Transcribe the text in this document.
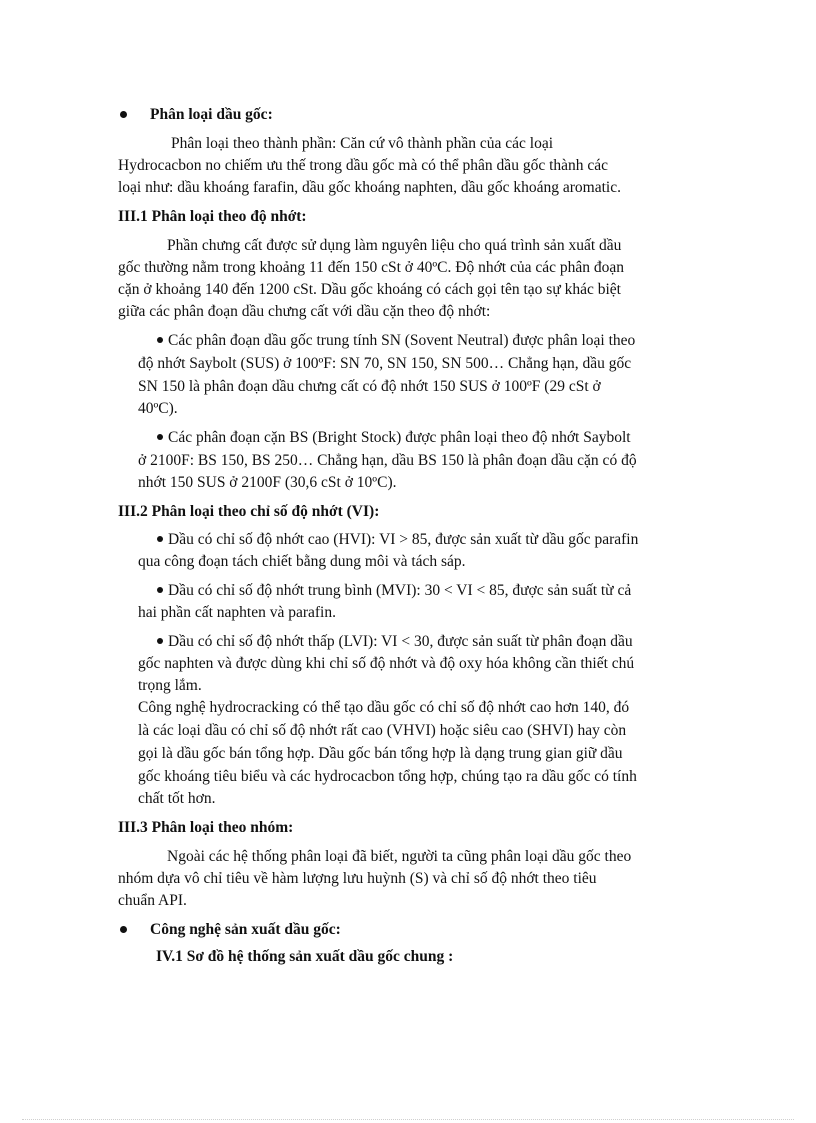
Phân loại dầu gốc:
Phân loại theo thành phần: Căn cứ vô thành phần của các loại
Hydrocacbon no chiếm ưu thế trong dầu gốc mà có thể phân dầu gốc thành các
loại như: dầu khoáng farafin, dầu gốc khoáng naphten, dầu gốc khoáng aromatic.
III.1 Phân loại theo độ nhớt:
Phần chưng cất được sử dụng làm nguyên liệu cho quá trình sản xuất dầu
gốc thường nằm trong khoảng 11 đến 150 cSt ở 40ºC. Độ nhớt của các phân đoạn
cặn ở khoảng 140 đến 1200 cSt. Dầu gốc khoáng có cách gọi tên tạo sự khác biệt
giữa các phân đoạn dầu chưng cất với dầu cặn theo độ nhớt:
Các phân đoạn dầu gốc trung tính SN (Sovent Neutral) được phân loại theo
độ nhớt Saybolt (SUS) ở 100ºF: SN 70, SN 150, SN 500… Chẳng hạn, dầu gốc
SN 150 là phân đoạn dầu chưng cất có độ nhớt 150 SUS ở 100ºF (29 cSt ở
40ºC).
Các phân đoạn cặn BS (Bright Stock) được phân loại theo độ nhớt Saybolt
ở 2100F: BS 150, BS 250… Chẳng hạn, dầu BS 150 là phân đoạn dầu cặn có độ
nhớt 150 SUS ở 2100F (30,6 cSt ở 10ºC).
III.2 Phân loại theo chỉ số độ nhớt (VI):
Dầu có chỉ số độ nhớt cao (HVI): VI > 85, được sản xuất từ dầu gốc parafin
qua công đoạn tách chiết bằng dung môi và tách sáp.
Dầu có chỉ số độ nhớt trung bình (MVI): 30 < VI < 85, được sản suất từ cả
hai phần cất naphten và parafin.
Dầu có chỉ số độ nhớt thấp (LVI): VI < 30, được sản suất từ phân đoạn dầu
gốc naphten và được dùng khi chỉ số độ nhớt và độ oxy hóa không cần thiết chú
trọng lắm.
Công nghệ hydrocracking có thể tạo dầu gốc có chỉ số độ nhớt cao hơn 140, đó
là các loại dầu có chỉ số độ nhớt rất cao (VHVI) hoặc siêu cao (SHVI) hay còn
gọi là dầu gốc bán tổng hợp. Dầu gốc bán tổng hợp là dạng trung gian giữ dầu
gốc khoáng tiêu biểu và các hydrocacbon tổng hợp, chúng tạo ra dầu gốc có tính
chất tốt hơn.
III.3 Phân loại theo nhóm:
Ngoài các hệ thống phân loại đã biết, người ta cũng phân loại dầu gốc theo
nhóm dựa vô chỉ tiêu về hàm lượng lưu huỳnh (S) và chỉ số độ nhớt theo tiêu
chuẩn API.
Công nghệ sản xuất dầu gốc:
IV.1 Sơ đồ hệ thống sản xuất dầu gốc chung :
